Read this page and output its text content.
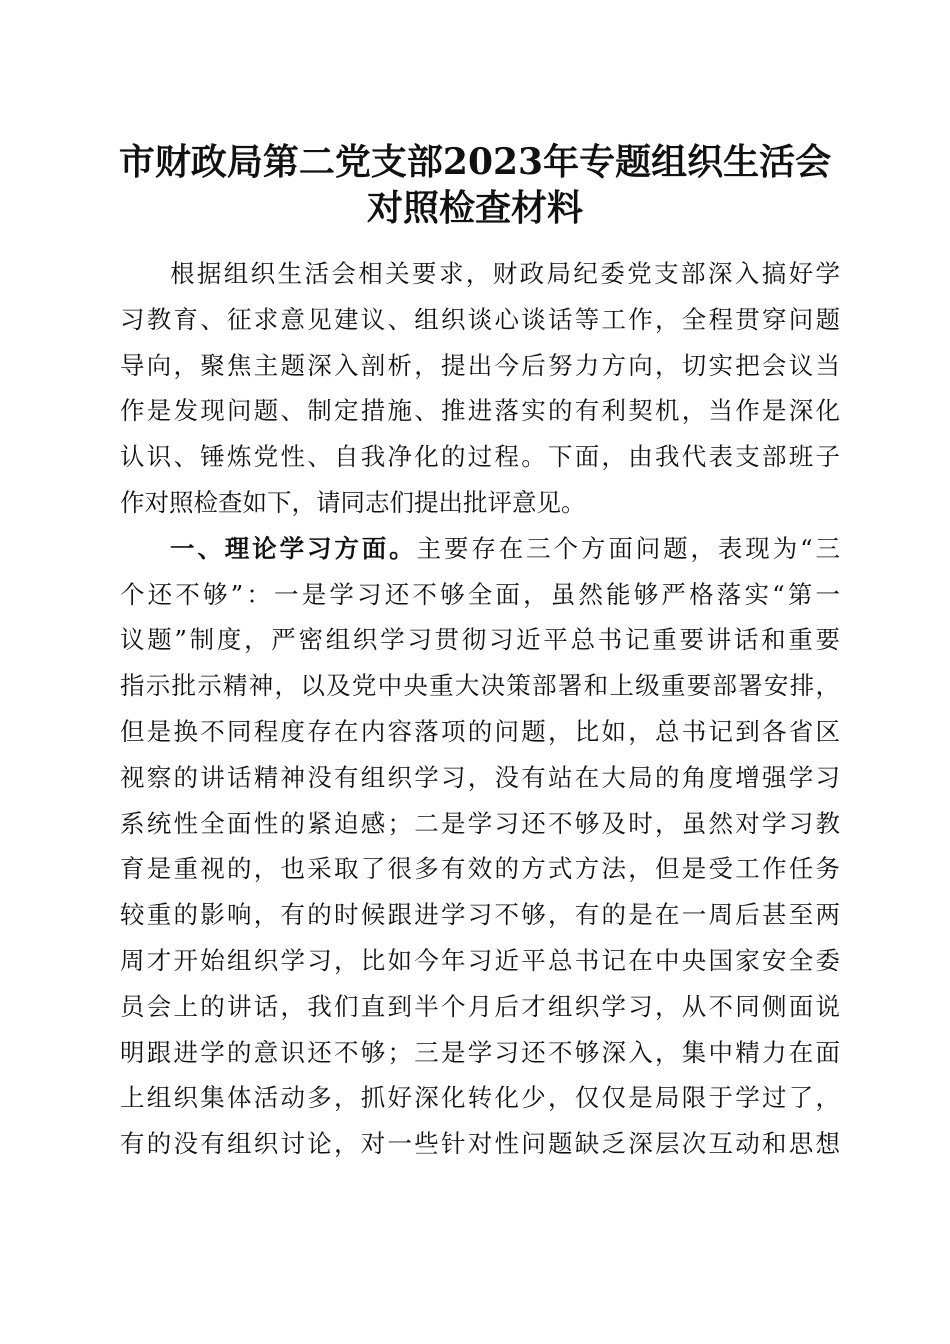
市财政局第二党支部2023年专题组织生活会
对照检查材料
根据组织生活会相关要求，财政局纪委党支部深入搞好学
习教育、征求意见建议、组织谈心谈话等工作，全程贯穿问题
导向，聚焦主题深入剖析，提出今后努力方向，切实把会议当
作是发现问题、制定措施、推进落实的有利契机，当作是深化
认识、锤炼党性、自我净化的过程。下面，由我代表支部班子
作对照检查如下，请同志们提出批评意见。
一、理论学习方面。主要存在三个方面问题，表现为“三
个还不够”：一是学习还不够全面，虽然能够严格落实“第一
议题”制度，严密组织学习贯彻习近平总书记重要讲话和重要
指示批示精神，以及党中央重大决策部署和上级重要部署安排，
但是换不同程度存在内容落项的问题，比如，总书记到各省区
视察的讲话精神没有组织学习，没有站在大局的角度增强学习
系统性全面性的紧迫感；二是学习还不够及时，虽然对学习教
育是重视的，也采取了很多有效的方式方法，但是受工作任务
较重的影响，有的时候跟进学习不够，有的是在一周后甚至两
周才开始组织学习，比如今年习近平总书记在中央国家安全委
员会上的讲话，我们直到半个月后才组织学习，从不同侧面说
明跟进学的意识还不够；三是学习还不够深入，集中精力在面
上组织集体活动多，抓好深化转化少，仅仅是局限于学过了，
有的没有组织讨论，对一些针对性问题缺乏深层次互动和思想
